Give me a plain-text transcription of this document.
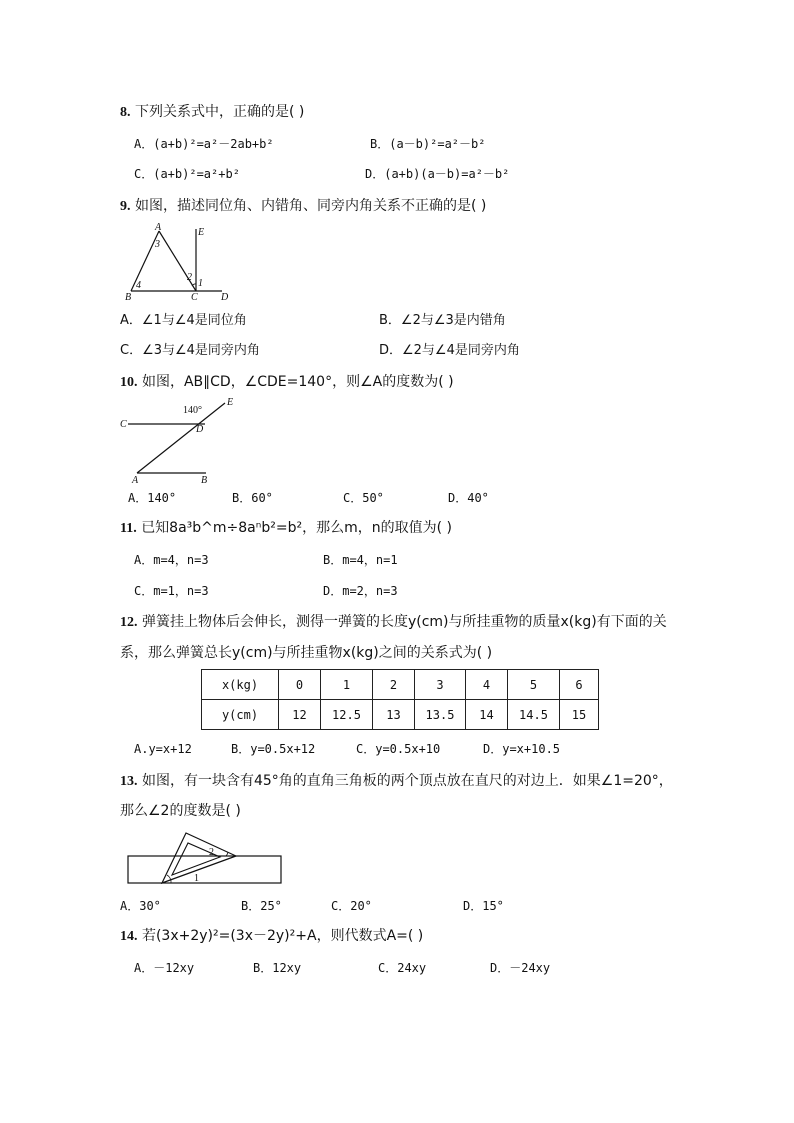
8. 下列关系式中，正确的是( )
A．(a+b)²=a²－2ab+b²	B．(a－b)²=a²－b²
C．(a+b)²=a²+b²	D．(a+b)(a－b)=a²－b²
9. 如图，描述同位角、内错角、同旁内角关系不正确的是( )
A	E
3
2
1
B
4
C D
A．∠1与∠4是同位角	B．∠2与∠3是内错角
C．∠3与∠4是同旁内角	D．∠2与∠4是同旁内角
10. 如图，AB∥CD，∠CDE=140°，则∠A的度数为( )
E
140°
C	D
A	B
A．140°	B．60°	C．50°	D．40°
11. 已知8a³b^m÷8aⁿb²=b²，那么m，n的取值为( )
A．m=4，n=3	B．m=4，n=1
C．m=1，n=3	D．m=2，n=3
12. 弹簧挂上物体后会伸长，测得一弹簧的长度y(cm)与所挂重物的质量x(kg)有下面的关
系，那么弹簧总长y(cm)与所挂重物x(kg)之间的关系式为( )
x(kg)	0	1	2	3	4	5	6
y(cm)	12	12.5	13	13.5	14	14.5	15
A.y=x+12	B．y=0.5x+12	C．y=0.5x+10	D．y=x+10.5
13. 如图，有一块含有45°角的直角三角板的两个顶点放在直尺的对边上．如果∠1=20°，
那么∠2的度数是( )
2
1
A．30°	B．25°	C．20°	D．15°
14. 若(3x+2y)²=(3x－2y)²+A，则代数式A=( )
A．－12xy	B．12xy	C．24xy	D．－24xy
